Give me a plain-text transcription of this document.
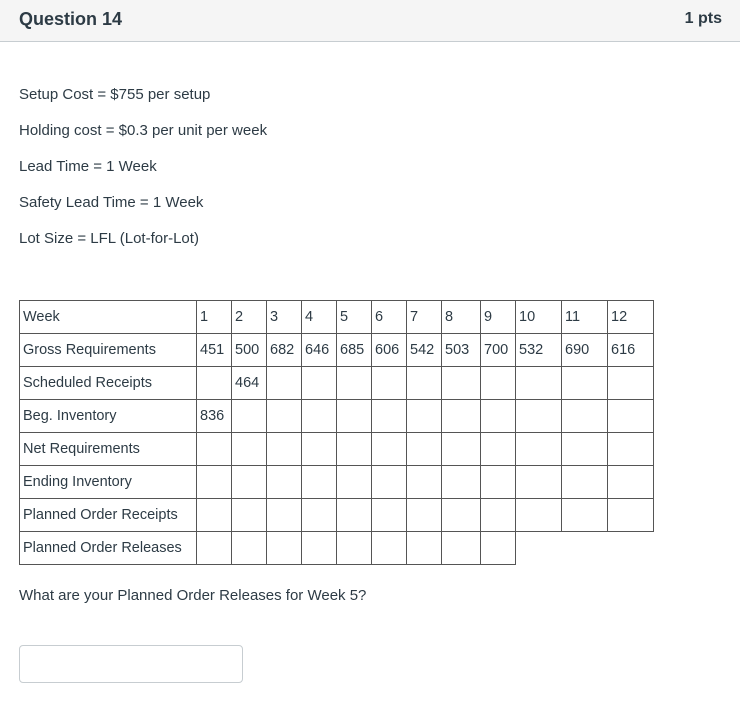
Question 14	1 pts
Setup Cost = $755 per setup
Holding cost = $0.3 per unit per week
Lead Time = 1 Week
Safety Lead Time = 1 Week
Lot Size = LFL (Lot-for-Lot)
Week	1	2	3	4	5	6	7	8	9	10	11	12
Gross Requirements	451	500	682	646	685	606	542	503	700	532	690	616
Scheduled Receipts		464										
Beg. Inventory	836											
Net Requirements												
Ending Inventory												
Planned Order Receipts												
Planned Order Releases												
What are your Planned Order Releases for Week 5?
